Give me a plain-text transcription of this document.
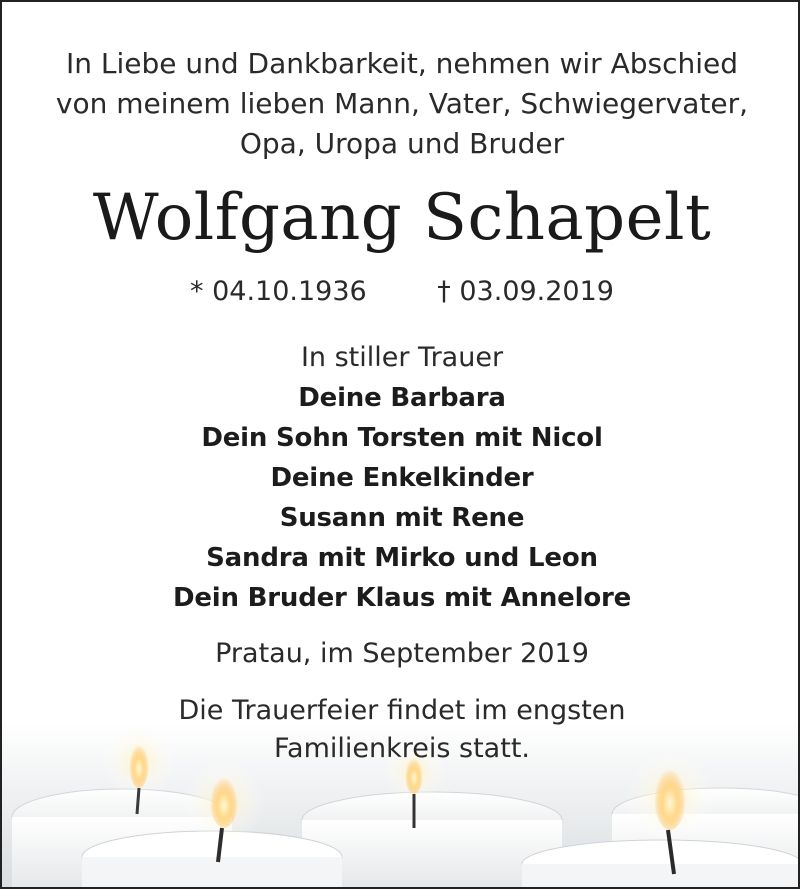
In Liebe und Dankbarkeit, nehmen wir Abschied
von meinem lieben Mann, Vater, Schwiegervater,
Opa, Uropa und Bruder
Wolfgang Schapelt
* 04.10.1936	† 03.09.2019
In stiller Trauer
Deine Barbara
Dein Sohn Torsten mit Nicol
Deine Enkelkinder
Susann mit Rene
Sandra mit Mirko und Leon
Dein Bruder Klaus mit Annelore
Pratau, im September 2019
Die Trauerfeier findet im engsten
Familienkreis statt.
